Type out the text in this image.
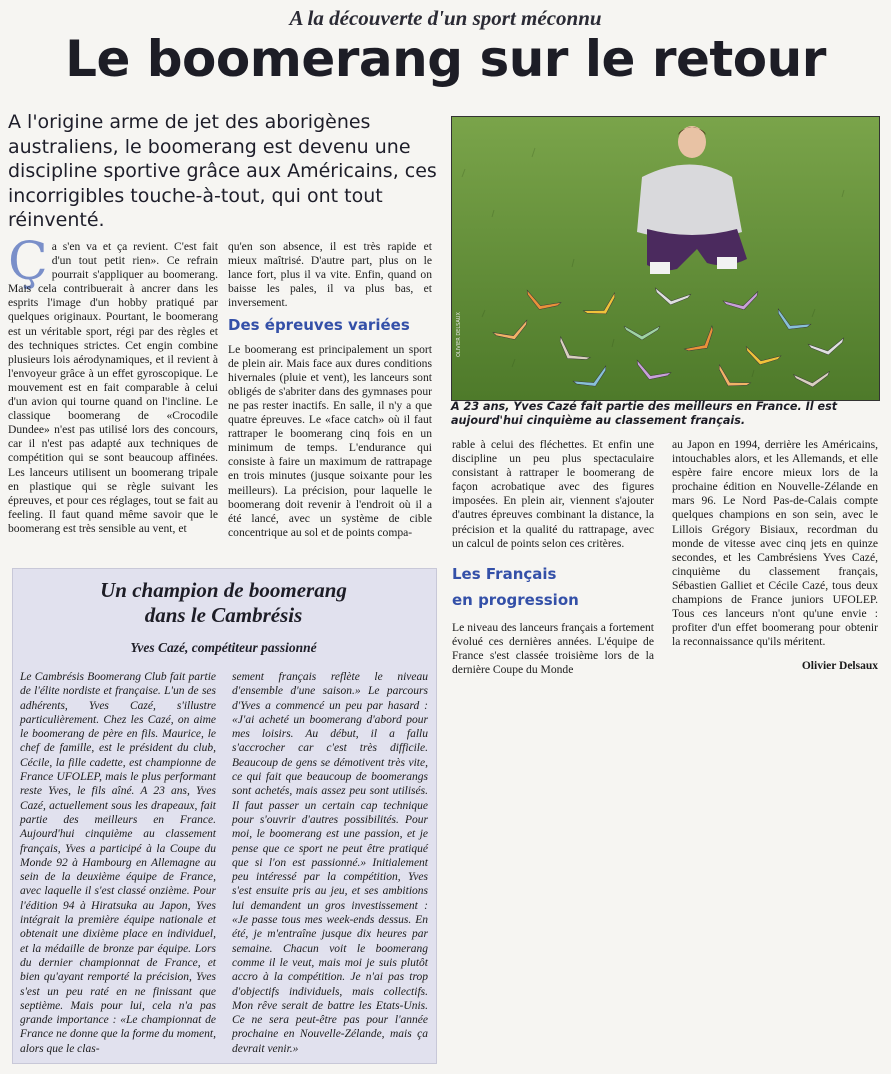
A la découverte d'un sport méconnu
Le boomerang sur le retour
A l'origine arme de jet des aborigènes australiens, le boomerang est devenu une discipline sportive grâce aux Américains, ces incorrigibles touche-à-tout, qui ont tout réinventé.

Ç a s'en va et ça revient. C'est fait d'un tout petit rien». Ce refrain pourrait s'appliquer au boomerang. Mais cela contribuerait à ancrer dans les esprits l'image d'un hobby pratiqué par quelques originaux. Pourtant, le boomerang est un véritable sport, régi par des règles et des techniques strictes. Cet engin combine plusieurs lois aérodynamiques, et il revient à l'envoyeur grâce à un effet gyroscopique. Le mouvement est en fait comparable à celui d'un avion qui tourne quand on l'incline. Le classique boomerang de «Crocodile Dundee» n'est pas utilisé lors des concours, car il n'est pas adapté aux techniques de compétition qui se sont beaucoup affinées. Les lanceurs utilisent un boomerang tripale en plastique qui se règle suivant les épreuves, et pour ces réglages, tout se fait au feeling. Il faut quand même savoir que le boomerang est très sensible au vent, et

qu'en son absence, il est très rapide et mieux maîtrisé. D'autre part, plus on le lance fort, plus il va vite. Enfin, quand on baisse les pales, il va plus bas, et inversement.

Des épreuves variées

Le boomerang est principalement un sport de plein air. Mais face aux dures conditions hivernales (pluie et vent), les lanceurs sont obligés de s'abriter dans des gymnases pour ne pas rester inactifs. En salle, il n'y a que quatre épreuves. Le «face catch» où il faut rattraper le boomerang cinq fois en un minimum de temps. L'endurance qui consiste à faire un maximum de rattrapage en trois minutes (jusque soixante pour les meilleurs). La précision, pour laquelle le boomerang doit revenir à l'endroit où il a été lancé, avec un système de cible concentrique au sol et de points compa-

OLIVIER DELSAUX
A 23 ans, Yves Cazé fait partie des meilleurs en France. Il est aujourd'hui cinquième au classement français.

rable à celui des fléchettes. Et enfin une discipline un peu plus spectaculaire consistant à rattraper le boomerang de façon acrobatique avec des figures imposées. En plein air, viennent s'ajouter d'autres épreuves combinant la distance, la précision et la qualité du rattrapage, avec un calcul de points selon ces critères.

Les Français
en progression

Le niveau des lanceurs français a fortement évolué ces dernières années. L'équipe de France s'est classée troisième lors de la dernière Coupe du Monde

au Japon en 1994, derrière les Américains, intouchables alors, et les Allemands, et elle espère faire encore mieux lors de la prochaine édition en Nouvelle-Zélande en mars 96. Le Nord Pas-de-Calais compte quelques champions en son sein, avec le Lillois Grégory Bisiaux, recordman du monde de vitesse avec cinq jets en quinze secondes, et les Cambrésiens Yves Cazé, cinquième du classement français, Sébastien Galliet et Cécile Cazé, tous deux champions de France juniors UFOLEP. Tous ces lanceurs n'ont qu'une envie : profiter d'un effet boomerang pour obtenir la reconnaissance qu'ils méritent.

Olivier Delsaux

Un champion de boomerang
dans le Cambrésis
Yves Cazé, compétiteur passionné

Le Cambrésis Boomerang Club fait partie de l'élite nordiste et française. L'un de ses adhérents, Yves Cazé, s'illustre particulièrement. Chez les Cazé, on aime le boomerang de père en fils. Maurice, le chef de famille, est le président du club, Cécile, la fille cadette, est championne de France UFOLEP, mais le plus performant reste Yves, le fils aîné. A 23 ans, Yves Cazé, actuellement sous les drapeaux, fait partie des meilleurs en France. Aujourd'hui cinquième au classement français, Yves a participé à la Coupe du Monde 92 à Hambourg en Allemagne au sein de la deuxième équipe de France, avec laquelle il s'est classé onzième. Pour l'édition 94 à Hiratsuka au Japon, Yves intégrait la première équipe nationale et obtenait une dixième place en individuel, et la médaille de bronze par équipe. Lors du dernier championnat de France, et bien qu'ayant remporté la précision, Yves s'est un peu raté en ne finissant que septième. Mais pour lui, cela n'a pas grande importance : «Le championnat de France ne donne que la forme du moment, alors que le clas-

sement français reflète le niveau d'ensemble d'une saison.» Le parcours d'Yves a commencé un peu par hasard : «J'ai acheté un boomerang d'abord pour mes loisirs. Au début, il a fallu s'accrocher car c'est très difficile. Beaucoup de gens se démotivent très vite, ce qui fait que beaucoup de boomerangs sont achetés, mais assez peu sont utilisés. Il faut passer un certain cap technique pour s'ouvrir d'autres possibilités. Pour moi, le boomerang est une passion, et je pense que ce sport ne peut être pratiqué que si l'on est passionné.» Initialement peu intéressé par la compétition, Yves s'est ensuite pris au jeu, et ses ambitions lui demandent un gros investissement : «Je passe tous mes week-ends dessus. En été, je m'entraîne jusque dix heures par semaine. Chacun voit le boomerang comme il le veut, mais moi je suis plutôt accro à la compétition. Je n'ai pas trop d'objectifs individuels, mais collectifs. Mon rêve serait de battre les Etats-Unis. Ce ne sera peut-être pas pour l'année prochaine en Nouvelle-Zélande, mais ça devrait venir.»
